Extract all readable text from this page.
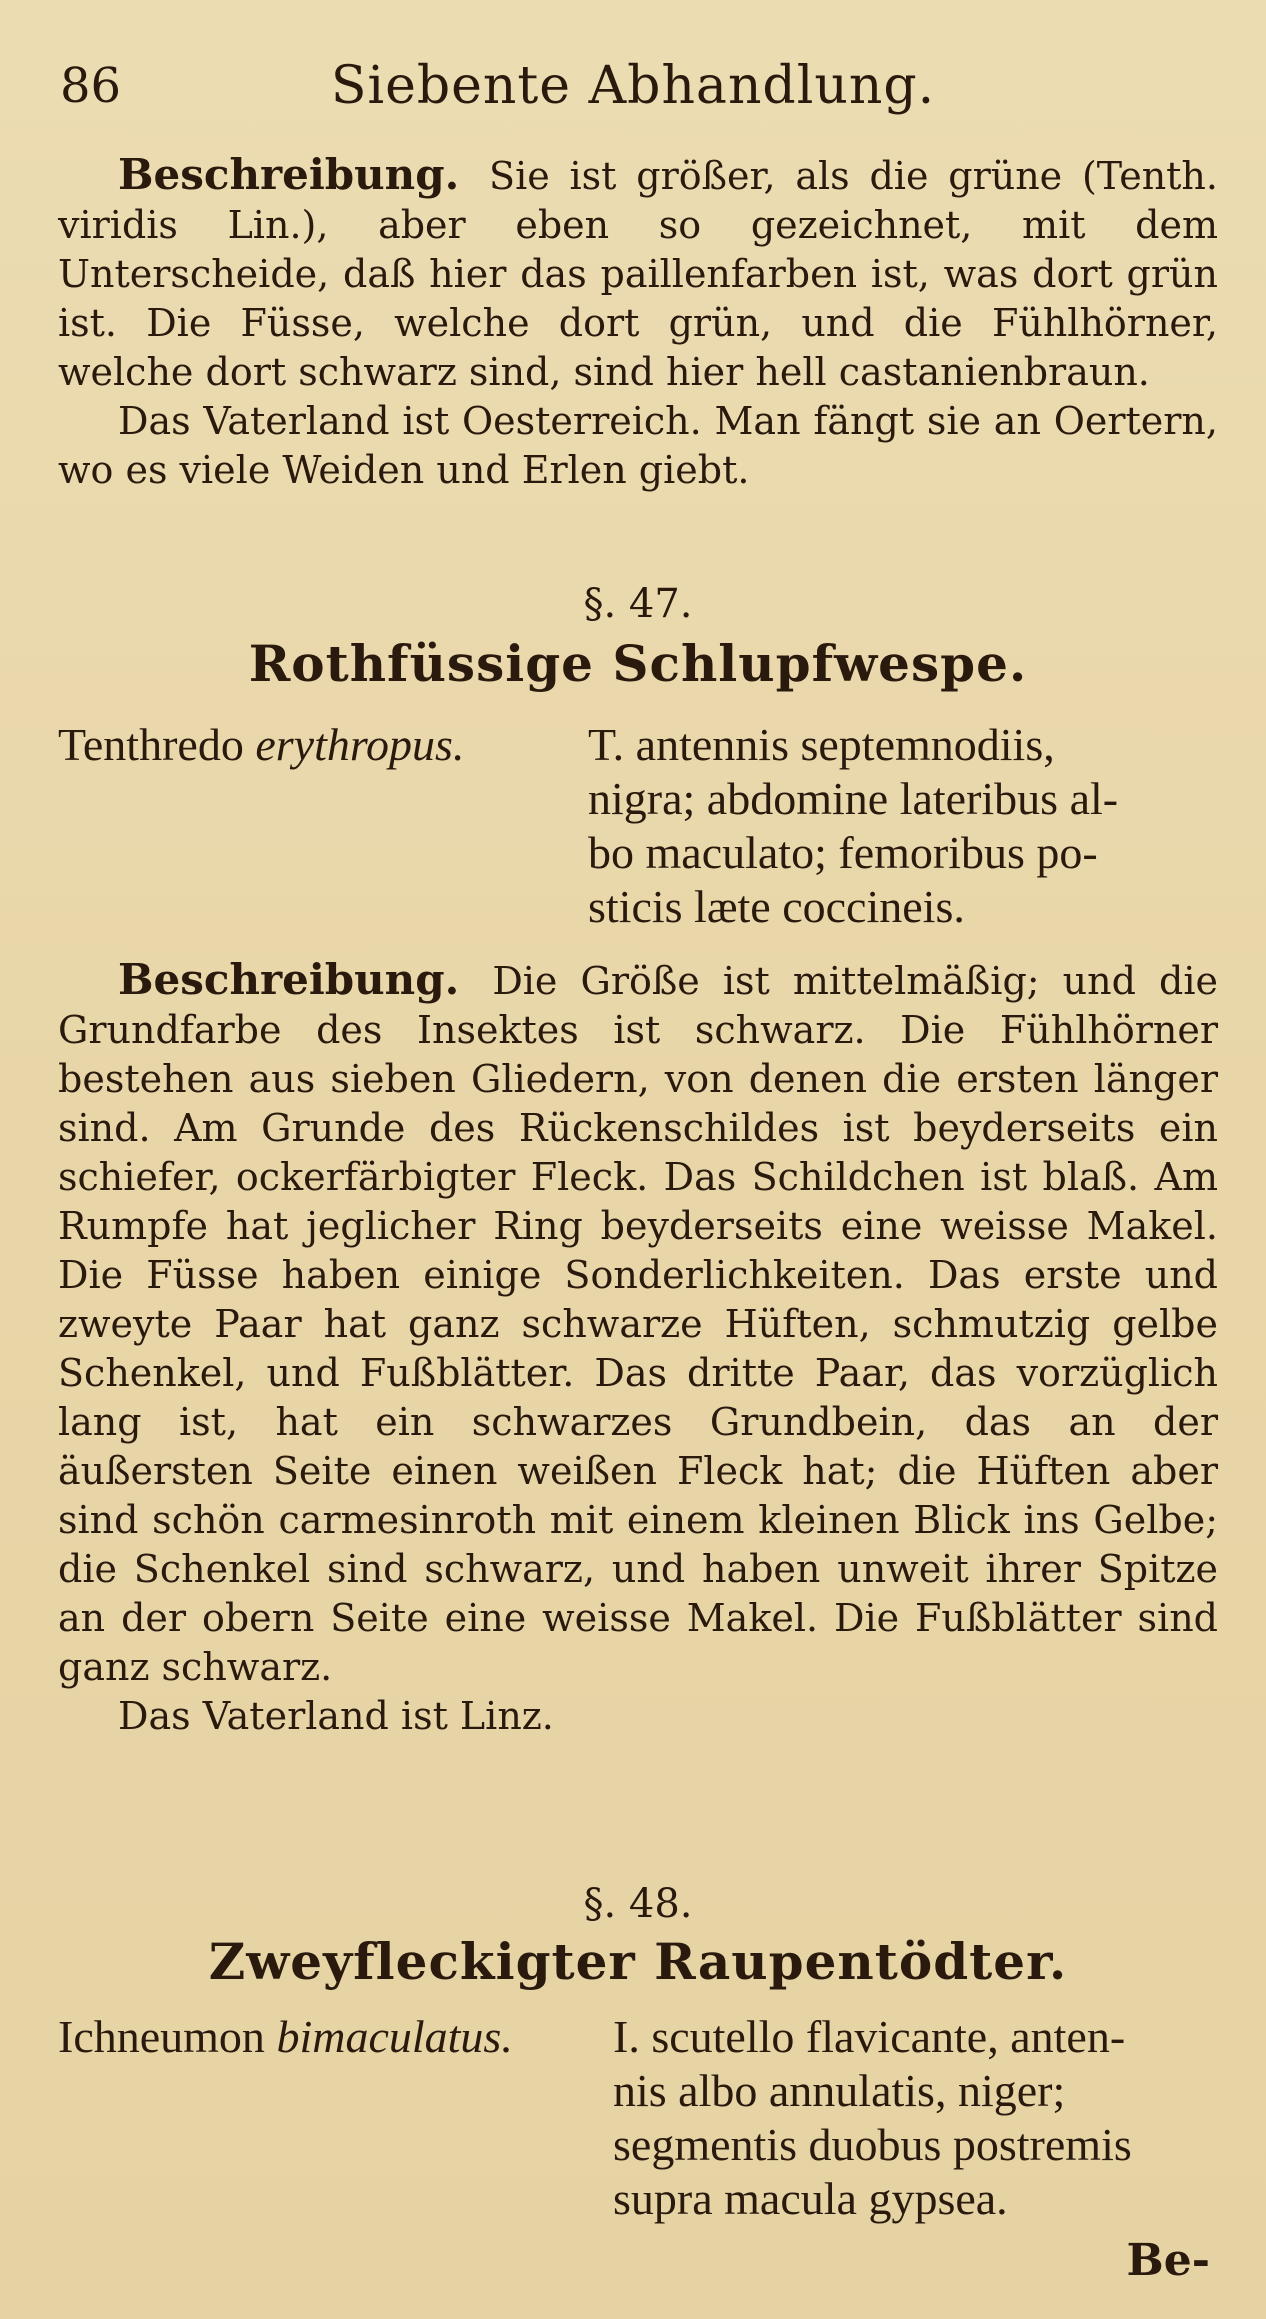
86	Siebente Abhandlung.

Beschreibung. Sie ist größer, als die grüne (Tenth. viridis Lin.), aber eben so gezeichnet, mit dem Unterscheide, daß hier das paillenfarben ist, was dort grün ist. Die Füsse, welche dort grün, und die Fühlhörner, welche dort schwarz sind, sind hier hell castanienbraun.

Das Vaterland ist Oesterreich. Man fängt sie an Oertern, wo es viele Weiden und Erlen giebt.

§. 47.
Rothfüssige Schlupfwespe.
Tenthredo erythropus.	T. antennis septemnodiis,
nigra; abdomine lateribus al-
bo maculato; femoribus po-
sticis læte coccineis.

Beschreibung. Die Größe ist mittelmäßig; und die Grundfarbe des Insektes ist schwarz. Die Fühlhörner bestehen aus sieben Gliedern, von denen die ersten länger sind. Am Grunde des Rückenschildes ist beyderseits ein schiefer, ockerfärbigter Fleck. Das Schildchen ist blaß. Am Rumpfe hat jeglicher Ring beyderseits eine weisse Makel. Die Füsse haben einige Sonderlichkeiten. Das erste und zweyte Paar hat ganz schwarze Hüften, schmutzig gelbe Schenkel, und Fußblätter. Das dritte Paar, das vorzüglich lang ist, hat ein schwarzes Grundbein, das an der äußersten Seite einen weißen Fleck hat; die Hüften aber sind schön carmesinroth mit einem kleinen Blick ins Gelbe; die Schenkel sind schwarz, und haben unweit ihrer Spitze an der obern Seite eine weisse Makel. Die Fußblätter sind ganz schwarz.

Das Vaterland ist Linz.

§. 48.
Zweyfleckigter Raupentödter.
Ichneumon bimaculatus. I. scutello flavicante, anten-
nis albo annulatis, niger;
segmentis duobus postremis
supra macula gypsea.
Be-
